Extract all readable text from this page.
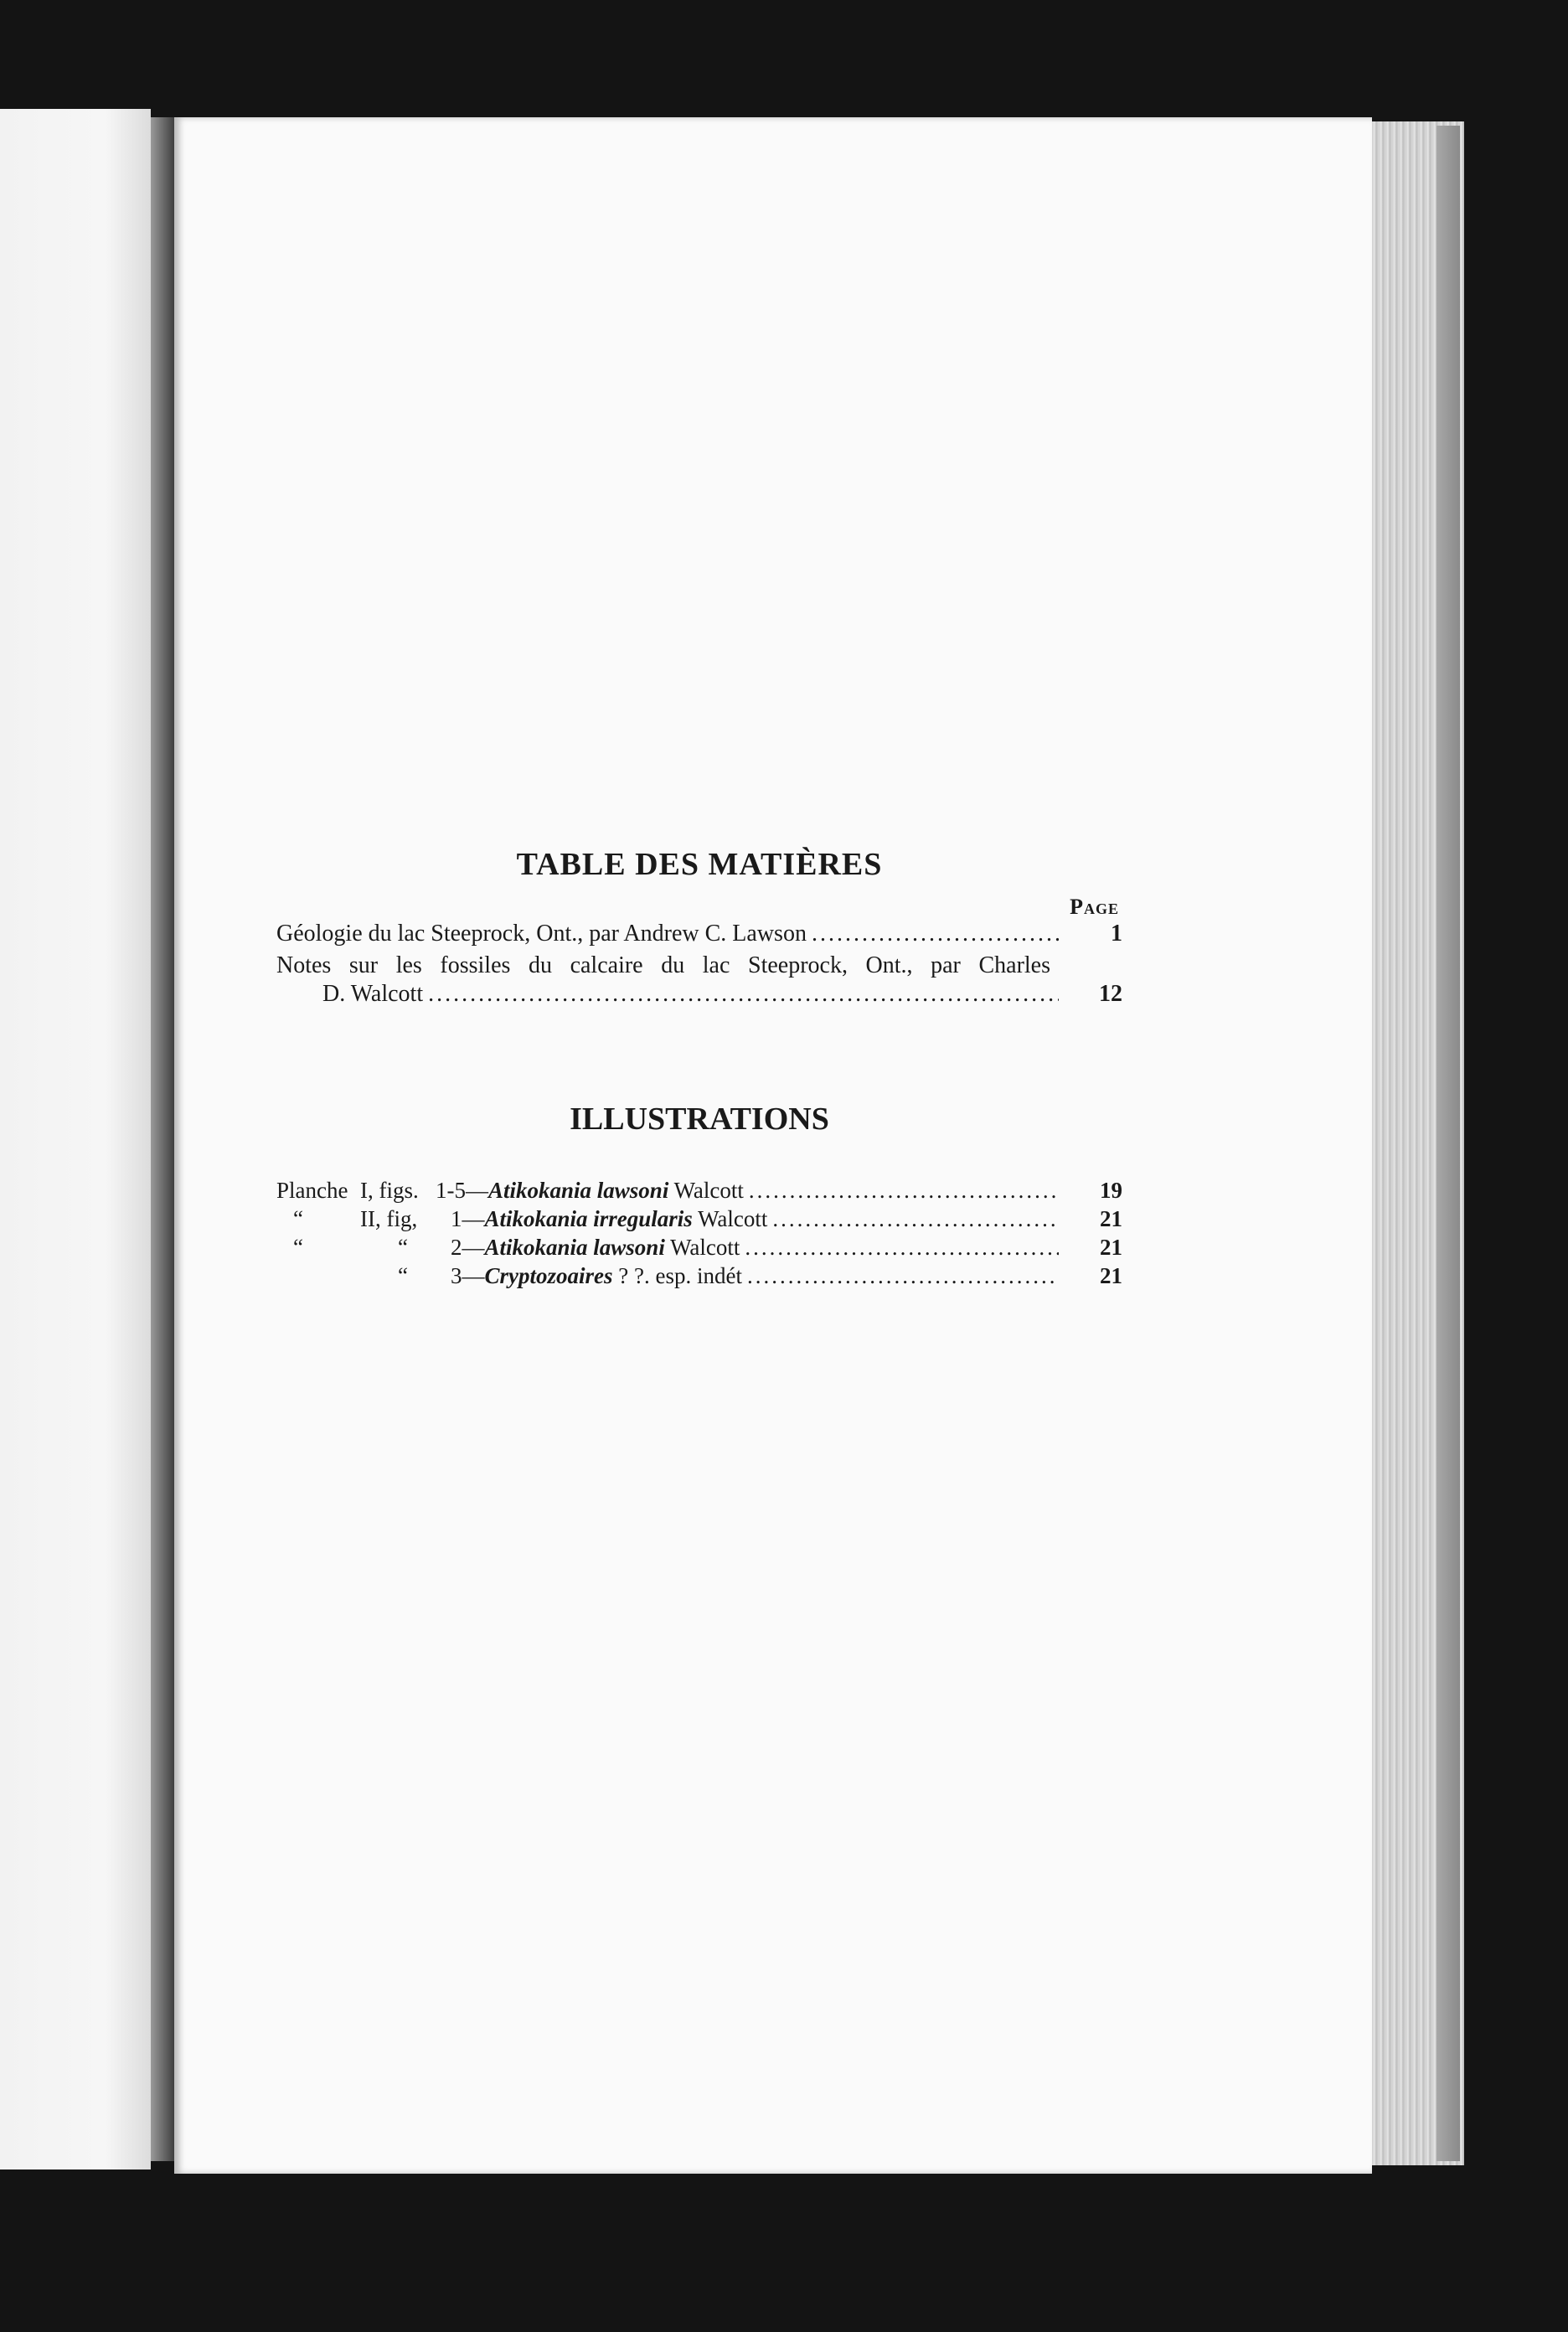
TABLE DES MATIÈRES
Page
Géologie du lac Steeprock, Ont., par Andrew C. Lawson .....	1
Notes sur les fossiles du calcaire du lac Steeprock, Ont., par Charles
D. Walcott .....	12
ILLUSTRATIONS
Planche I, figs. 1-5—Atikokania lawsoni Walcott .....	19
“	II, fig, 1—Atikokania irregularis Walcott .....	21
“	“ 2—Atikokania lawsoni Walcott .....	21
“ 3—Cryptozoaires ? ?. esp. indét .....	21
